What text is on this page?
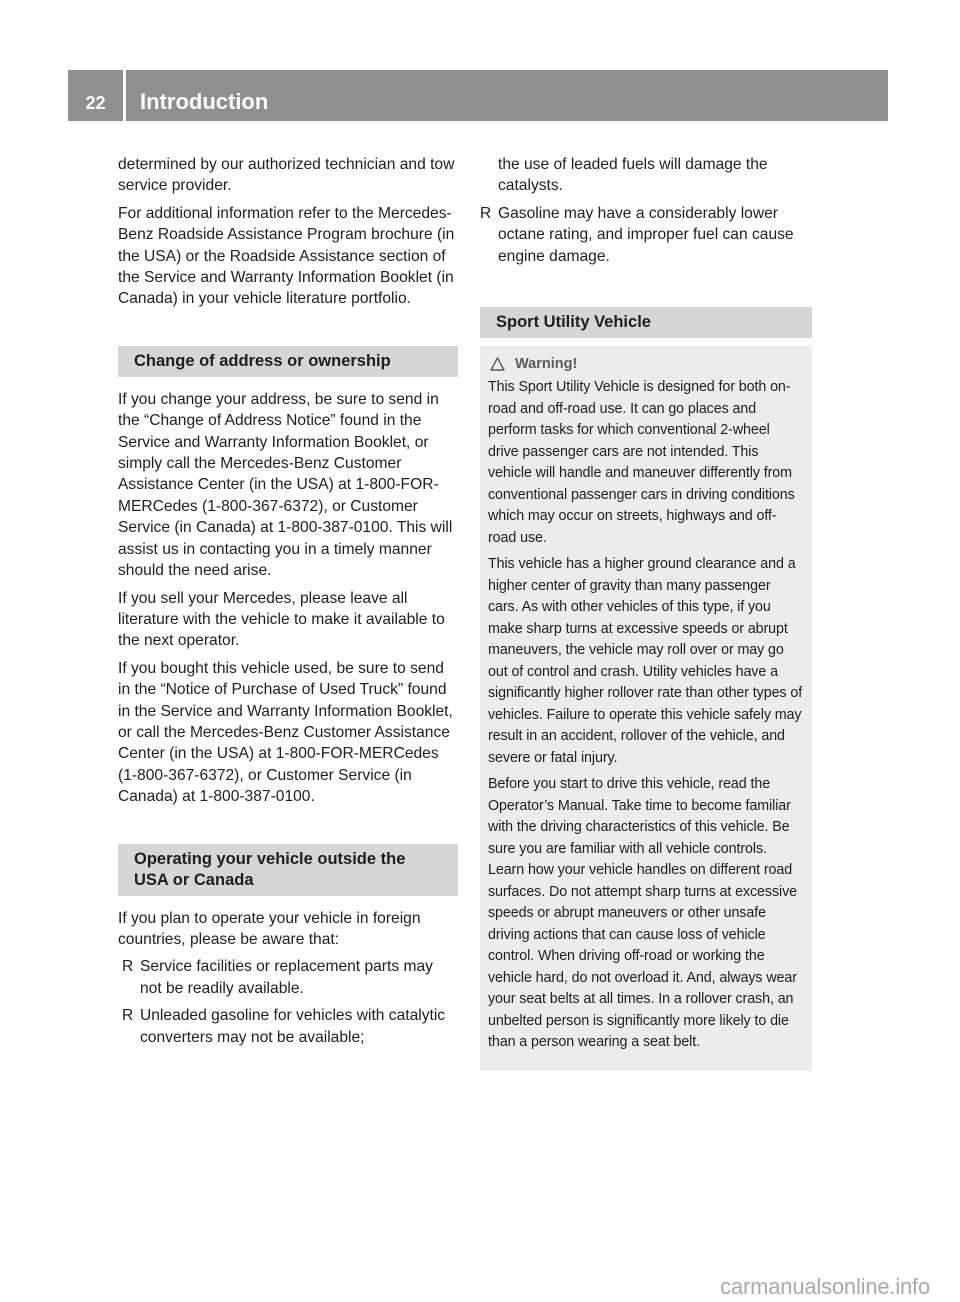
22	Introduction

determined by our authorized technician and tow service provider.

For additional information refer to the Mercedes-Benz Roadside Assistance Program brochure (in the USA) or the Roadside Assistance section of the Service and Warranty Information Booklet (in Canada) in your vehicle literature portfolio.

Change of address or ownership

If you change your address, be sure to send in the “Change of Address Notice” found in the Service and Warranty Information Booklet, or simply call the Mercedes-Benz Customer Assistance Center (in the USA) at 1-800-FOR-MERCedes (1-800-367-6372), or Customer Service (in Canada) at 1-800-387-0100. This will assist us in contacting you in a timely manner should the need arise.

If you sell your Mercedes, please leave all literature with the vehicle to make it available to the next operator.

If you bought this vehicle used, be sure to send in the “Notice of Purchase of Used Truck” found in the Service and Warranty Information Booklet, or call the Mercedes-Benz Customer Assistance Center (in the USA) at 1-800-FOR-MERCedes (1-800-367-6372), or Customer Service (in Canada) at 1-800-387-0100.

Operating your vehicle outside the USA or Canada

If you plan to operate your vehicle in foreign countries, please be aware that:

R Service facilities or replacement parts may not be readily available.

R Unleaded gasoline for vehicles with catalytic converters may not be available;

the use of leaded fuels will damage the catalysts.

R Gasoline may have a considerably lower octane rating, and improper fuel can cause engine damage.

Sport Utility Vehicle
Warning!

This Sport Utility Vehicle is designed for both on-road and off-road use. It can go places and perform tasks for which conventional 2-wheel drive passenger cars are not intended. This vehicle will handle and maneuver differently from conventional passenger cars in driving conditions which may occur on streets, highways and off-road use.

This vehicle has a higher ground clearance and a higher center of gravity than many passenger cars. As with other vehicles of this type, if you make sharp turns at excessive speeds or abrupt maneuvers, the vehicle may roll over or may go out of control and crash. Utility vehicles have a significantly higher rollover rate than other types of vehicles. Failure to operate this vehicle safely may result in an accident, rollover of the vehicle, and severe or fatal injury.

Before you start to drive this vehicle, read the Operator’s Manual. Take time to become familiar with the driving characteristics of this vehicle. Be sure you are familiar with all vehicle controls. Learn how your vehicle handles on different road surfaces. Do not attempt sharp turns at excessive speeds or abrupt maneuvers or other unsafe driving actions that can cause loss of vehicle control. When driving off-road or working the vehicle hard, do not overload it. And, always wear your seat belts at all times. In a rollover crash, an unbelted person is significantly more likely to die than a person wearing a seat belt.

carmanualsonline.info
